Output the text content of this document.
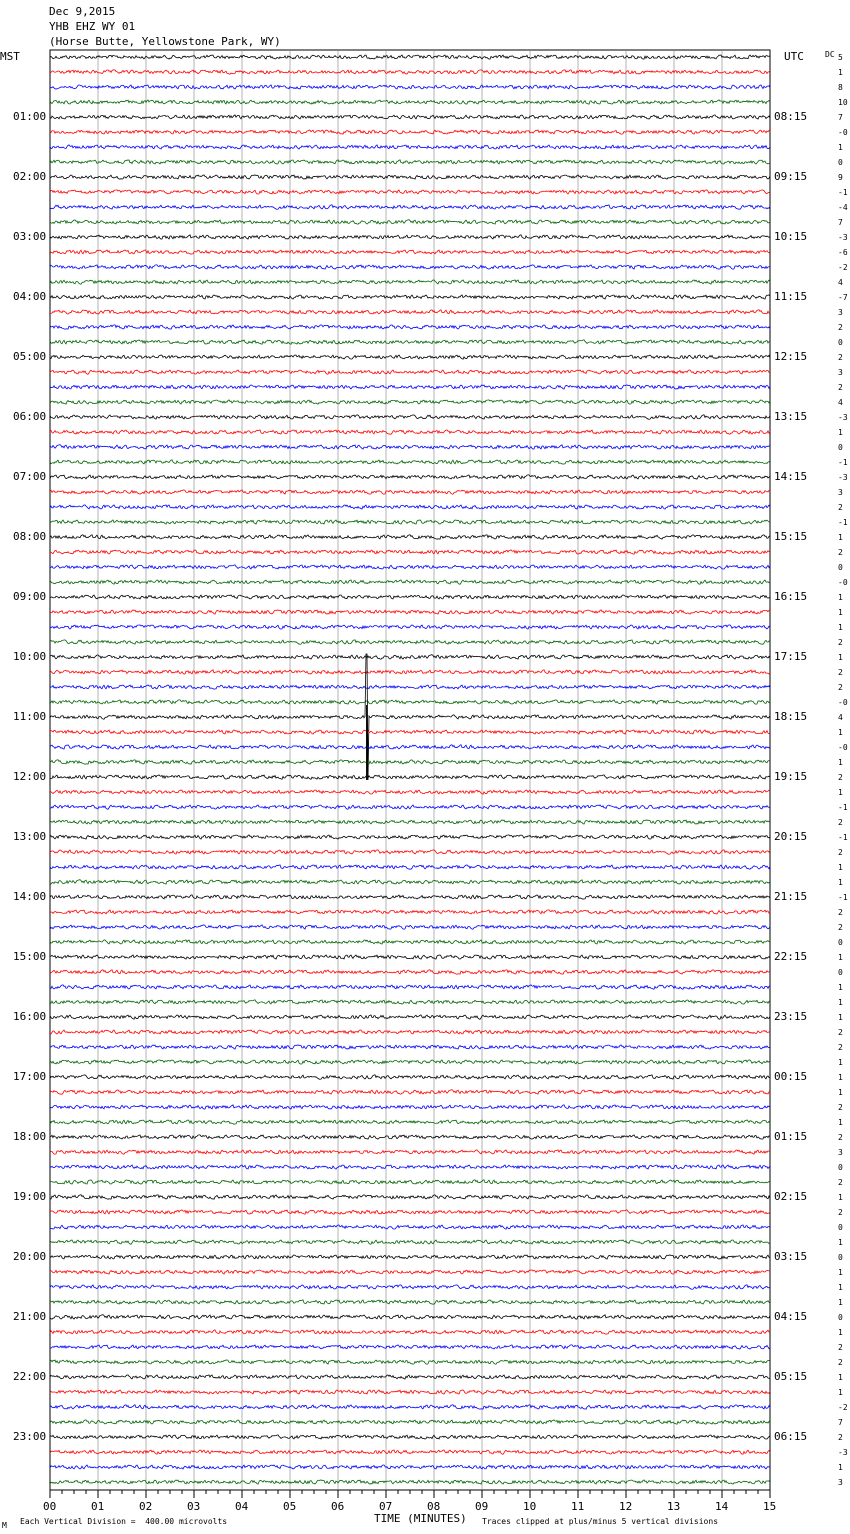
Dec 9,2015
YHB EHZ WY 01
(Horse Butte, Yellowstone Park, WY)
MST	UTC	DC 5
1
8
10
7
-0
1
0
9
-1
-4
7
-3
-6
-2
4
-7
3
2
0
2
3
2
4
-3
1
0
-1
-3
3
2
-1
1
2
0
-0
1
1
1
2
1
2
2
-0
4
1
-0
1
2
1
-1
2
-1
2
1
1
-1
2
2
0
1
0
1
1
1
2
2
1
1
1
2
1
2
3
0
2
1
2
0
1
0
1
1
1
0
1
2
2
1
1
-2
7
2
-3
1
3
01:00
02:00
03:00
04:00
05:00
06:00
07:00
08:00
09:00
10:00
11:00
12:00
13:00
14:00
15:00
16:00
17:00
18:00
19:00
20:00
21:00
22:00
23:00
08:15
09:15
10:15
11:15
12:15
13:15
14:15
15:15
16:15
17:15
18:15
19:15
20:15
21:15
22:15
23:15
00:15
01:15
02:15
03:15
04:15
05:15
06:15
00	01	02	03	04	05	06	07	08	09	10	11	12	13	14	15
M Each Vertical Division =  400.00 microvolts	TIME (MINUTES) Traces clipped at plus/minus 5 vertical divisions
